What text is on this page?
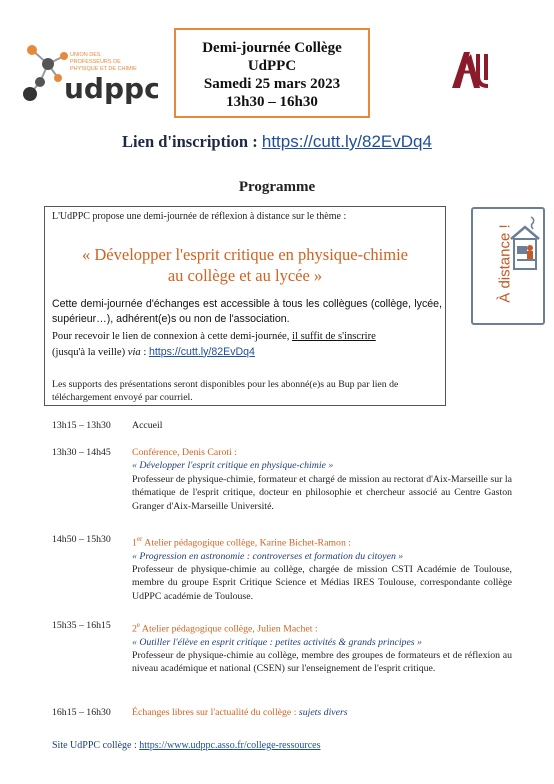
UNION DES
PROFESSEURS DE
PHYSIQUE ET DE CHIMIE
udppc
Demi-journée Collège
UdPPC
Samedi 25 mars 2023
13h30 – 16h30
Lien d'inscription : https://cutt.ly/82EvDq4
Programme
L'UdPPC propose une demi-journée de réflexion à distance sur le thème :
« Développer l'esprit critique en physique-chimie
au collège et au lycée »
Cette demi-journée d'échanges est accessible à tous les collègues (collège, lycée, supérieur…), adhérent(e)s ou non de l'association.
Pour recevoir le lien de connexion à cette demi-journée, il suffit de s'inscrire
(jusqu'à la veille) via : https://cutt.ly/82EvDq4
Les supports des présentations seront disponibles pour les abonné(e)s au Bup par lien de téléchargement envoyé par courriel.
À distance !
13h15 – 13h30	Accueil
13h30 – 14h45	Conférence, Denis Caroti :
« Développer l'esprit critique en physique-chimie »
Professeur de physique-chimie, formateur et chargé de mission au rectorat d'Aix-Marseille sur la thématique de l'esprit critique, docteur en philosophie et chercheur associé au Centre Gaston Granger d'Aix-Marseille Université.
14h50 – 15h30	1er Atelier pédagogique collège, Karine Bichet-Ramon :
« Progression en astronomie : controverses et formation du citoyen »
Professeur de physique-chimie au collège, chargée de mission CSTI Académie de Toulouse, membre du groupe Esprit Critique Science et Médias IRES Toulouse, correspondante collège UdPPC académie de Toulouse.
15h35 – 16h15	2e Atelier pédagogique collège, Julien Machet :
« Outiller l'élève en esprit critique : petites activités & grands principes »
Professeur de physique-chimie au collège, membre des groupes de formateurs et de réflexion au niveau académique et national (CSEN) sur l'enseignement de l'esprit critique.
16h15 – 16h30	Échanges libres sur l'actualité du collège : sujets divers
Site UdPPC collège : https://www.udppc.asso.fr/college-ressources
